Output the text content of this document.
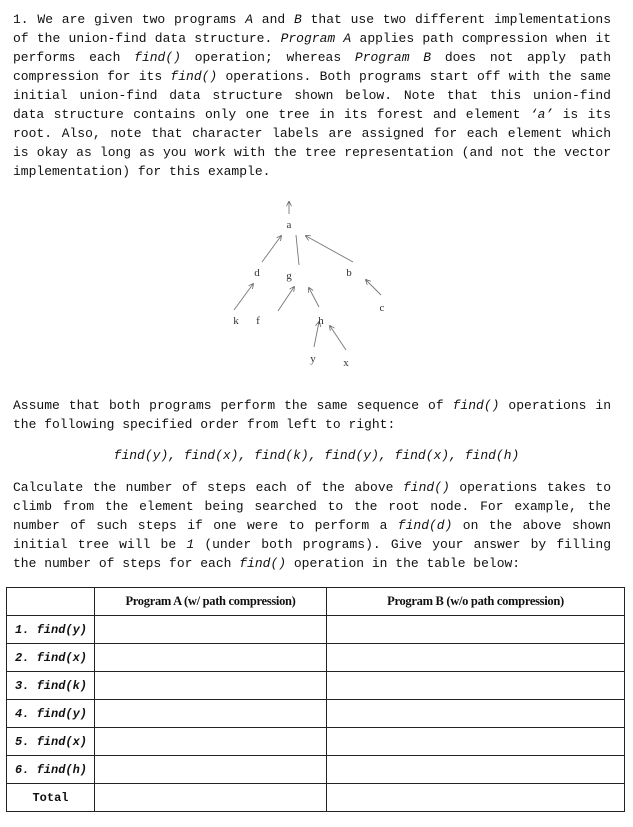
1. We are given two programs A and B that use two different implementations of the union-find data structure. Program A applies path compression when it performs each find() operation; whereas Program B does not apply path compression for its find() operations. Both programs start off with the same initial union-find data structure shown below. Note that this union-find data structure contains only one tree in its forest and element ‘a’ is its root. Also, note that character labels are assigned for each element which is okay as long as you work with the tree representation (and not the vector implementation) for this example.
a
d g	b
k f	h
c
y	x
Assume that both programs perform the same sequence of find() operations in the following specified order from left to right:
find(y), find(x), find(k), find(y), find(x), find(h)
Calculate the number of steps each of the above find() operations takes to climb from the element being searched to the root node. For example, the number of such steps if one were to perform a find(d) on the above shown initial tree will be 1 (under both programs). Give your answer by filling the number of steps for each find() operation in the table below:
	Program A (w/ path compression)	Program B (w/o path compression)
1. find(y)		
2. find(x)		
3. find(k)		
4. find(y)		
5. find(x)		
6. find(h)		
Total		
